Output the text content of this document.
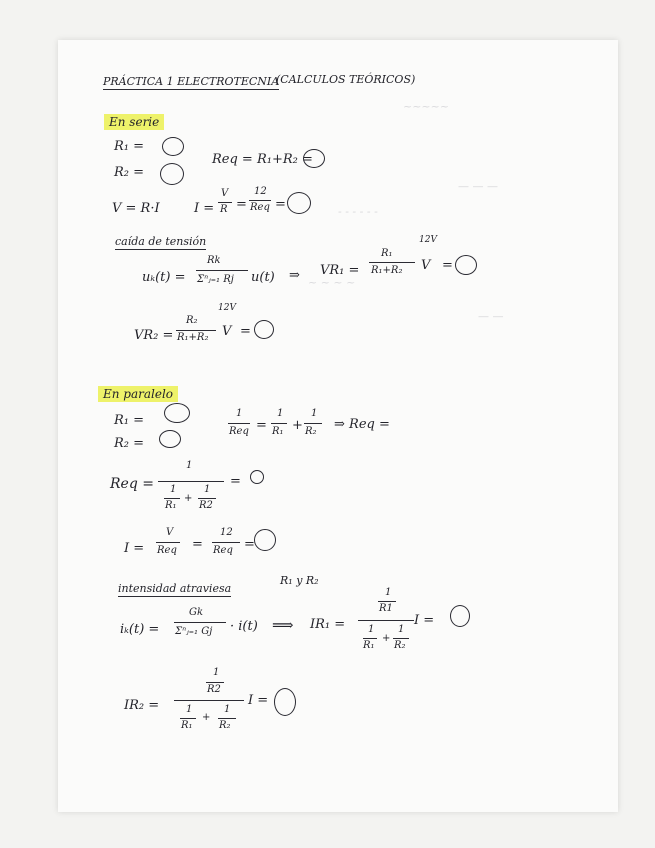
~~~~~
— — —
- - - - - -
~ ~ ~ ~
— —
PRÁCTICA 1 ELECTROTECNIA
(CALCULOS TEÓRICOS)
En serie
R₁ =
R₂ =
Req = R₁+R₂ =
V = R·I	I =
V
R =
12
Req =
caída de tensión
uₖ(t) =
Rk
Σⁿⱼ₌₁ Rj u(t) ⇒ VR₁ =
R₁
R₁+R₂
12V
V =
VR₂ =
R₂
R₁+R₂
12V
V =
En paralelo
R₁ =
R₂ =
1
Req =
1
R₁ +
1
R₂ ⇒ Req =
Req =
1
1
R₁
+
1
R2
=
I =
V
Req =
12
Req =
intensidad atraviesa
R₁ y R₂
iₖ(t) =
Gk
Σⁿⱼ₌₁ Gj · i(t) ⟹ IR₁ =
1
R1
1
R₁
+
1
R₂
I =
IR₂ =
1
R2
1
R₁
+
1
R₂
I =
